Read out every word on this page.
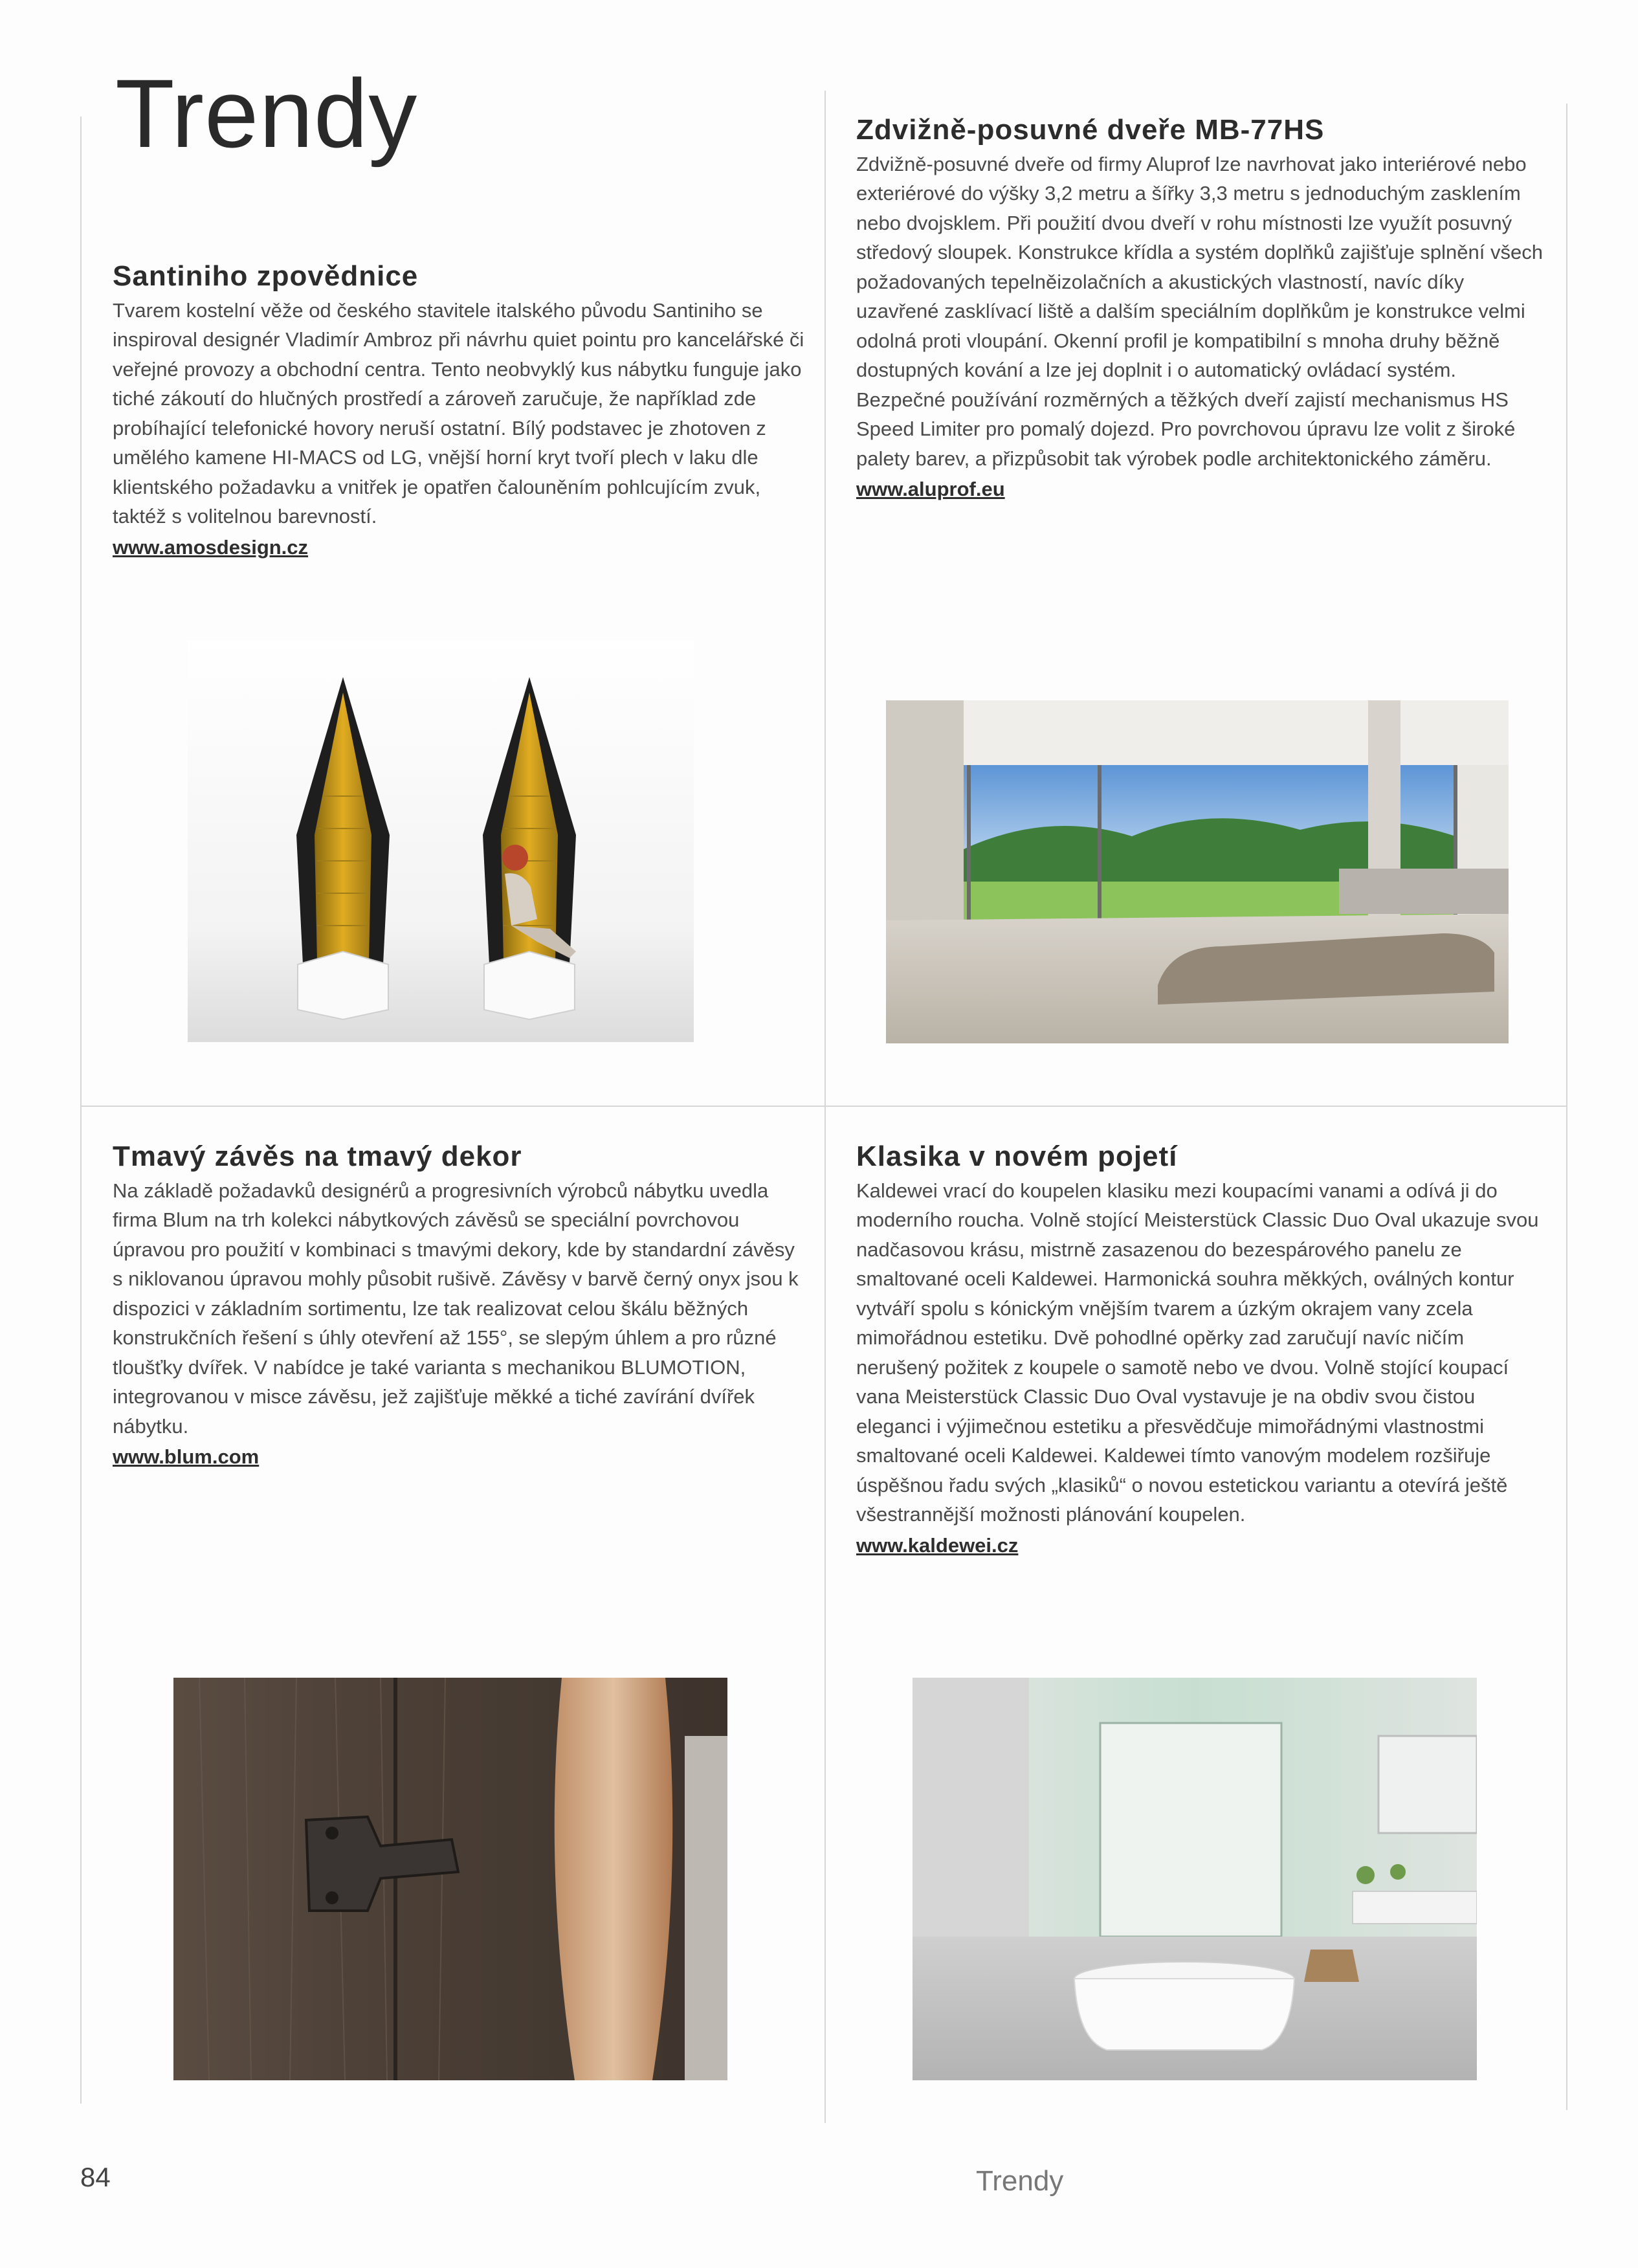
Trendy
Santiniho zpovědnice

Tvarem kostelní věže od českého stavitele italského původu Santiniho se inspiroval designér Vladimír Ambroz při návrhu quiet pointu pro kancelářské či veřejné provozy a obchodní centra. Tento neobvyklý kus nábytku funguje jako tiché zákoutí do hlučných prostředí a zároveň zaručuje, že například zde probíhající telefonické hovory neruší ostatní. Bílý podstavec je zhotoven z umělého kamene HI-MACS od LG, vnější horní kryt tvoří plech v laku dle klientského požadavku a vnitřek je opatřen čalouněním pohlcujícím zvuk, taktéž s volitelnou barevností.

www.amosdesign.cz
Zdvižně-posuvné dveře MB-77HS

Zdvižně-posuvné dveře od firmy Aluprof lze navrhovat jako interiérové nebo exteriérové do výšky 3,2 metru a šířky 3,3 metru s jednoduchým zasklením nebo dvojsklem. Při použití dvou dveří v rohu místnosti lze využít posuvný středový sloupek. Konstrukce křídla a systém doplňků zajišťuje splnění všech požadovaných tepelněizolačních a akustických vlastností, navíc díky uzavřené zasklívací liště a dalším speciálním doplňkům je konstrukce velmi odolná proti vloupání. Okenní profil je kompatibilní s mnoha druhy běžně dostupných kování a lze jej doplnit i o automatický ovládací systém. Bezpečné používání rozměrných a těžkých dveří zajistí mechanismus HS Speed Limiter pro pomalý dojezd. Pro povrchovou úpravu lze volit z široké palety barev, a přizpůsobit tak výrobek podle architektonického záměru.

www.aluprof.eu
Tmavý závěs na tmavý dekor

Na základě požadavků designérů a progresivních výrobců nábytku uvedla firma Blum na trh kolekci nábytkových závěsů se speciální povrchovou úpravou pro použití v kombinaci s tmavými dekory, kde by standardní závěsy s niklovanou úpravou mohly působit rušivě. Závěsy v barvě černý onyx jsou k dispozici v základním sortimentu, lze tak realizovat celou škálu běžných konstrukčních řešení s úhly otevření až 155°, se slepým úhlem a pro různé tloušťky dvířek. V nabídce je také varianta s mechanikou BLUMOTION, integrovanou v misce závěsu, jež zajišťuje měkké a tiché zavírání dvířek nábytku.

www.blum.com
Klasika v novém pojetí

Kaldewei vrací do koupelen klasiku mezi koupacími vanami a odívá ji do moderního roucha. Volně stojící Meisterstück Classic Duo Oval ukazuje svou nadčasovou krásu, mistrně zasazenou do bezespárového panelu ze smaltované oceli Kaldewei. Harmonická souhra měkkých, oválných kontur vytváří spolu s kónickým vnějším tvarem a úzkým okrajem vany zcela mimořádnou estetiku. Dvě pohodlné opěrky zad zaručují navíc ničím nerušený požitek z koupele o samotě nebo ve dvou. Volně stojící koupací vana Meisterstück Classic Duo Oval vystavuje je na obdiv svou čistou eleganci i výjimečnou estetiku a přesvědčuje mimořádnými vlastnostmi smaltované oceli Kaldewei. Kaldewei tímto vanovým modelem rozšiřuje úspěšnou řadu svých „klasiků“ o novou estetickou variantu a otevírá ještě všestrannější možnosti plánování koupelen.

www.kaldewei.cz
84	Trendy
